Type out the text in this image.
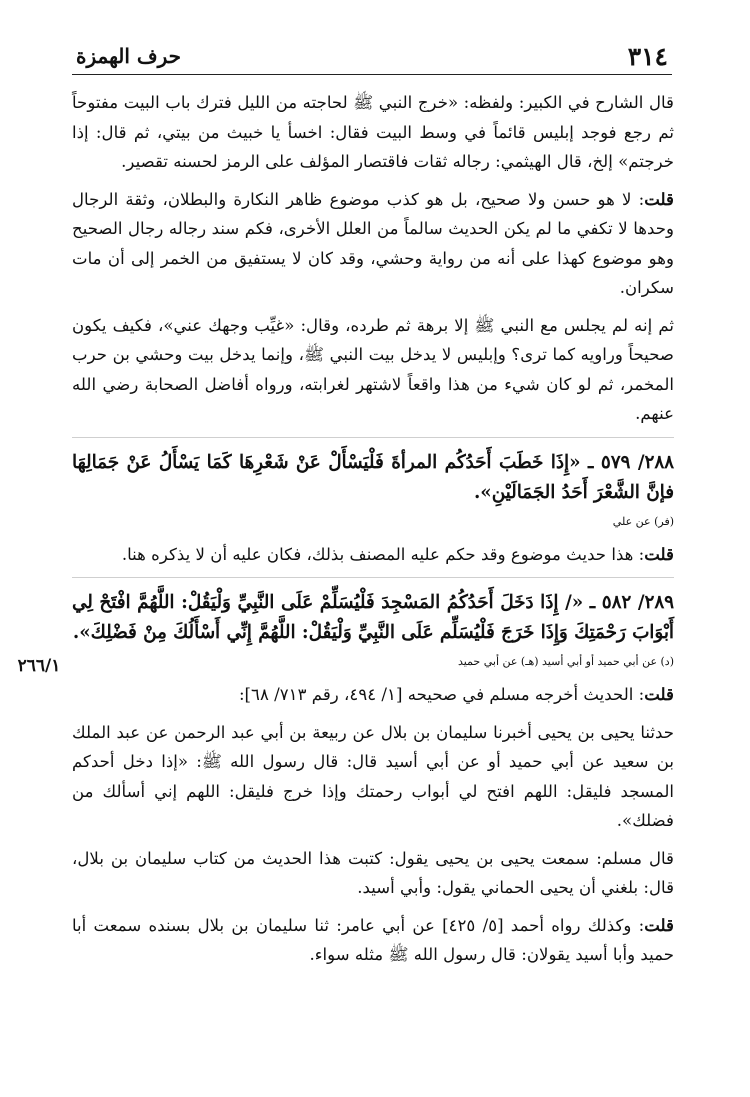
٣١٤
حرف الهمزة
٢٦٦/١

قال الشارح في الكبير: ولفظه: «خرج النبي ﷺ لحاجته من الليل فترك باب البيت مفتوحاً ثم رجع فوجد إبليس قائماً في وسط البيت فقال: اخسأ يا خبيث من بيتي، ثم قال: إذا خرجتم» إلخ، قال الهيثمي: رجاله ثقات فاقتصار المؤلف على الرمز لحسنه تقصير.

قلت: لا هو حسن ولا صحيح، بل هو كذب موضوع ظاهر النكارة والبطلان، وثقة الرجال وحدها لا تكفي ما لم يكن الحديث سالماً من العلل الأخرى، فكم سند رجاله رجال الصحيح وهو موضوع كهذا على أنه من رواية وحشي، وقد كان لا يستفيق من الخمر إلى أن مات سكران.

ثم إنه لم يجلس مع النبي ﷺ إلا برهة ثم طرده، وقال: «غيِّب وجهك عني»، فكيف يكون صحيحاً وراويه كما ترى؟ وإبليس لا يدخل بيت النبي ﷺ، وإنما يدخل بيت وحشي بن حرب المخمر، ثم لو كان شيء من هذا واقعاً لاشتهر لغرابته، ورواه أفاضل الصحابة رضي الله عنهم.

٢٨٨/ ٥٧٩ ـ «إِذَا خَطَبَ أَحَدُكُم المرأةَ فَلْيَسْأَلْ عَنْ شَعْرِهَا كَمَا يَسْأَلُ عَنْ جَمَالِهَا فإنَّ الشَّعْرَ أَحَدُ الجَمَالَيْنِ».

(فر) عن علي

قلت: هذا حديث موضوع وقد حكم عليه المصنف بذلك، فكان عليه أن لا يذكره هنا.

٢٨٩/ ٥٨٢ ـ «/ إِذَا دَخَلَ أَحَدُكُمُ المَسْجِدَ فَلْيُسَلِّمْ عَلَى النَّبِيِّ وَلْيَقُلْ: اللَّهُمَّ افْتَحْ لِي أَبْوَابَ رَحْمَتِكَ وَإِذَا خَرَجَ فَلْيُسَلِّم عَلَى النَّبِيِّ وَلْيَقُلْ: اللَّهُمَّ إِنِّي أَسْأَلُكَ مِنْ فَضْلِكَ».

(د) عن أبي حميد أو أبي أسيد (هـ) عن أبي حميد

قلت: الحديث أخرجه مسلم في صحيحه [١/ ٤٩٤، رقم ٧١٣/ ٦٨]:

حدثنا يحيى بن يحيى أخبرنا سليمان بن بلال عن ربيعة بن أبي عبد الرحمن عن عبد الملك بن سعيد عن أبي حميد أو عن أبي أسيد قال: قال رسول الله ﷺ: «إذا دخل أحدكم المسجد فليقل: اللهم افتح لي أبواب رحمتك وإذا خرج فليقل: اللهم إني أسألك من فضلك».

قال مسلم: سمعت يحيى بن يحيى يقول: كتبت هذا الحديث من كتاب سليمان بن بلال، قال: بلغني أن يحيى الحماني يقول: وأبي أسيد.

قلت: وكذلك رواه أحمد [٥/ ٤٢٥] عن أبي عامر: ثنا سليمان بن بلال بسنده سمعت أبا حميد وأبا أسيد يقولان: قال رسول الله ﷺ مثله سواء.
